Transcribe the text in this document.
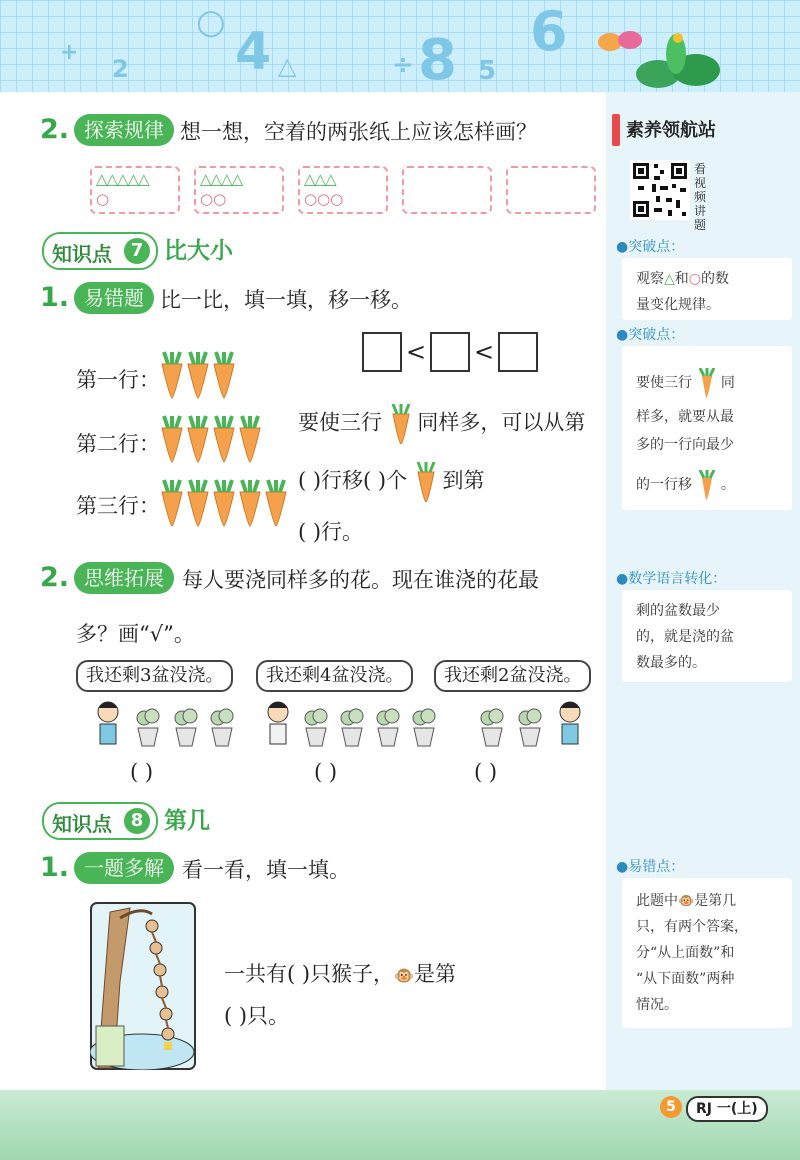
+
2
○ 4 △	÷ 8 5
6
素养领航站
看视频讲题
●突破点：
观察△和○的数
量变化规律。
●突破点：
要使三行 同
样多，就要从最
多的一行向最少
的一行移 。
●数学语言转化：
剩的盆数最少
的，就是浇的盆
数最多的。
●易错点：
此题中🐵是第几
只，有两个答案，
分“从上面数”和
“从下面数”两种
情况。
2. 探索规律 想一想，空着的两张纸上应该怎样画？
△△△△△
○
△△△△
○○
△△△
○○○
知识点	7 比大小
1. 易错题 比一比，填一填，移一移。
第一行：
第二行：
第三行：
< <
要使三行 同样多，可以从第
( )行移( )个 到第
( )行。
2. 思维拓展 每人要浇同样多的花。现在谁浇的花最
多？画“√”。
我还剩3盆没浇。	我还剩4盆没浇。	我还剩2盆没浇。
( )	( )	( )
知识点	8 第几
1. 一题多解 看一看，填一填。
一共有( )只猴子，🐵是第
( )只。
5	RJ 一(上)
